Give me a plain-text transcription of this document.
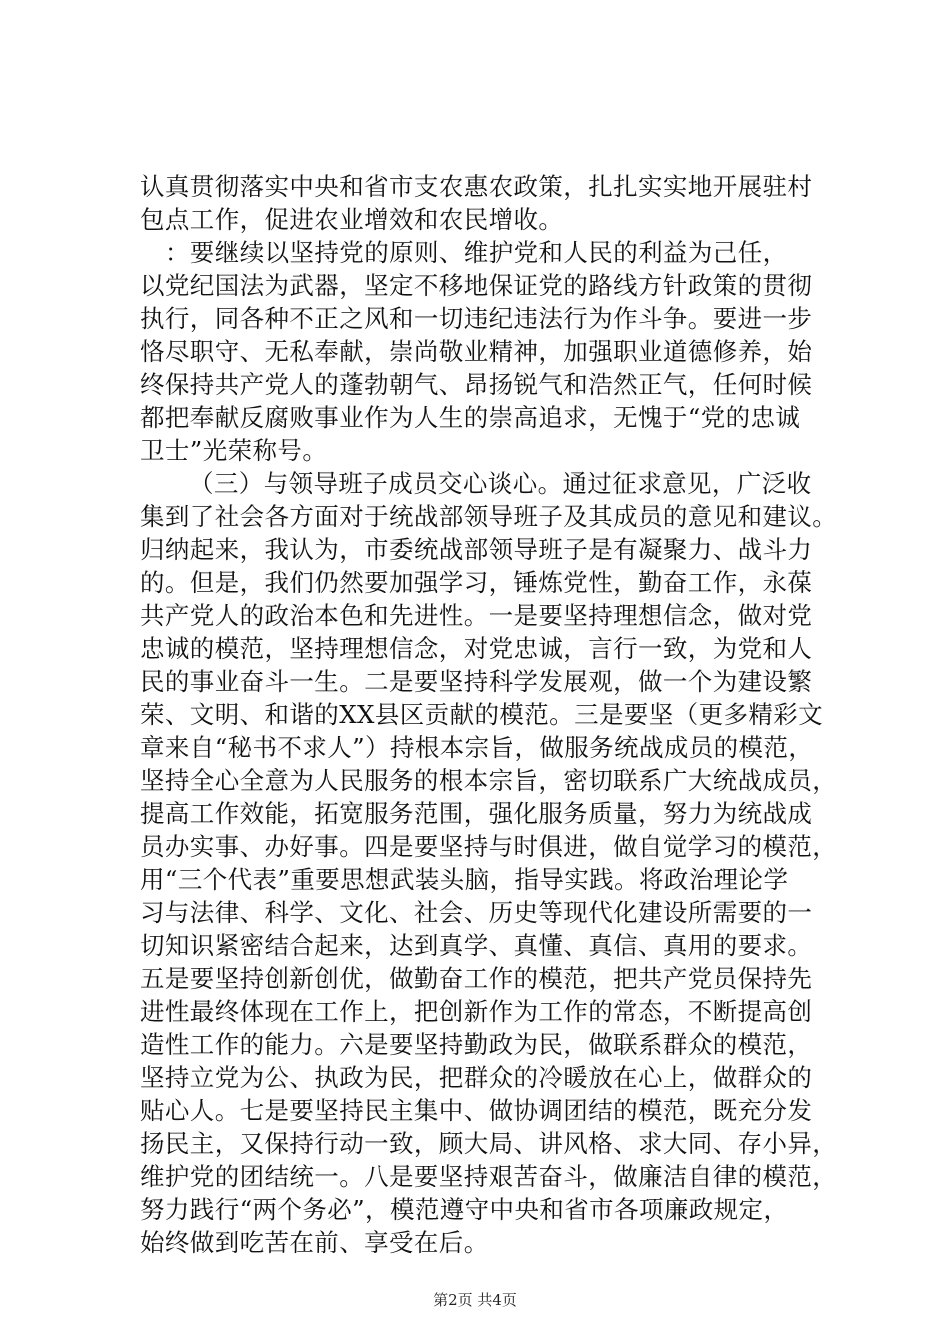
认真贯彻落实中央和省市支农惠农政策，扎扎实实地开展驻村
包点工作，促进农业增效和农民增收。
：要继续以坚持党的原则、维护党和人民的利益为己任，
以党纪国法为武器，坚定不移地保证党的路线方针政策的贯彻
执行，同各种不正之风和一切违纪违法行为作斗争。要进一步
恪尽职守、无私奉献，崇尚敬业精神，加强职业道德修养，始
终保持共产党人的蓬勃朝气、昂扬锐气和浩然正气，任何时候
都把奉献反腐败事业作为人生的崇高追求，无愧于“党的忠诚
卫士”光荣称号。
（三）与领导班子成员交心谈心。通过征求意见，广泛收
集到了社会各方面对于统战部领导班子及其成员的意见和建议。
归纳起来，我认为，市委统战部领导班子是有凝聚力、战斗力
的。但是，我们仍然要加强学习，锤炼党性，勤奋工作，永葆
共产党人的政治本色和先进性。一是要坚持理想信念，做对党
忠诚的模范，坚持理想信念，对党忠诚，言行一致，为党和人
民的事业奋斗一生。二是要坚持科学发展观，做一个为建设繁
荣、文明、和谐的XX县区贡献的模范。三是要坚（更多精彩文
章来自“秘书不求人”）持根本宗旨，做服务统战成员的模范，
坚持全心全意为人民服务的根本宗旨，密切联系广大统战成员，
提高工作效能，拓宽服务范围，强化服务质量，努力为统战成
员办实事、办好事。四是要坚持与时俱进，做自觉学习的模范，
用“三个代表”重要思想武装头脑，指导实践。将政治理论学
习与法律、科学、文化、社会、历史等现代化建设所需要的一
切知识紧密结合起来，达到真学、真懂、真信、真用的要求。
五是要坚持创新创优，做勤奋工作的模范，把共产党员保持先
进性最终体现在工作上，把创新作为工作的常态，不断提高创
造性工作的能力。六是要坚持勤政为民，做联系群众的模范，
坚持立党为公、执政为民，把群众的冷暖放在心上，做群众的
贴心人。七是要坚持民主集中、做协调团结的模范，既充分发
扬民主，又保持行动一致，顾大局、讲风格、求大同、存小异，
维护党的团结统一。八是要坚持艰苦奋斗，做廉洁自律的模范，
努力践行“两个务必”，模范遵守中央和省市各项廉政规定，
始终做到吃苦在前、享受在后。
第2页 共4页
